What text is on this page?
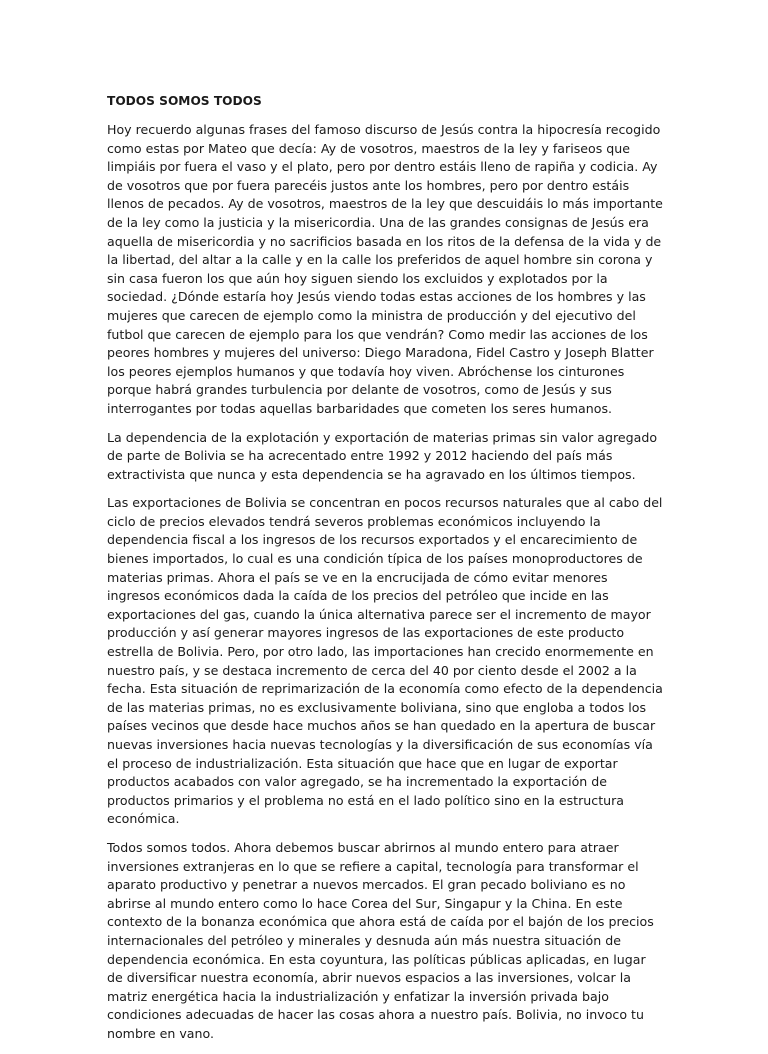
TODOS SOMOS TODOS

Hoy recuerdo algunas frases del famoso discurso de Jesús contra la hipocresía recogido como estas por Mateo que decía: Ay de vosotros, maestros de la ley y fariseos que limpiáis por fuera el vaso y el plato, pero por dentro estáis lleno de rapiña y codicia. Ay de vosotros que por fuera parecéis justos ante los hombres, pero por dentro estáis llenos de pecados. Ay de vosotros, maestros de la ley que descuidáis lo más importante de la ley como la justicia y la misericordia. Una de las grandes consignas de Jesús era aquella de misericordia y no sacrificios basada en los ritos de la defensa de la vida y de la libertad, del altar a la calle y en la calle los preferidos de aquel hombre sin corona y sin casa fueron los que aún hoy siguen siendo los excluidos y explotados por la sociedad. ¿Dónde estaría hoy Jesús viendo todas estas acciones de los hombres y las mujeres que carecen de ejemplo como la ministra de producción y del ejecutivo del futbol que carecen de ejemplo para los que vendrán? Como medir las acciones de los peores hombres y mujeres del universo: Diego Maradona, Fidel Castro y Joseph Blatter los peores ejemplos humanos y que todavía hoy viven. Abróchense los cinturones porque habrá grandes turbulencia por delante de vosotros, como de Jesús y sus interrogantes por todas aquellas barbaridades que cometen los seres humanos.

La dependencia de la explotación y exportación de materias primas sin valor agregado de parte de Bolivia se ha acrecentado entre 1992 y 2012 haciendo del país más extractivista que nunca y esta dependencia se ha agravado en los últimos tiempos.

Las exportaciones de Bolivia se concentran en pocos recursos naturales que al cabo del ciclo de precios elevados tendrá severos problemas económicos incluyendo la dependencia fiscal a los ingresos de los recursos exportados y el encarecimiento de bienes importados, lo cual es una condición típica de los países monoproductores de materias primas. Ahora el país se ve en la encrucijada de cómo evitar menores ingresos económicos dada la caída de los precios del petróleo que incide en las exportaciones del gas, cuando la única alternativa parece ser el incremento de mayor producción y así generar mayores ingresos de las exportaciones de este producto estrella de Bolivia. Pero, por otro lado, las importaciones han crecido enormemente en nuestro país, y se destaca incremento de cerca del 40 por ciento desde el 2002 a la fecha. Esta situación de reprimarización de la economía como efecto de la dependencia de las materias primas, no es exclusivamente boliviana, sino que engloba a todos los países vecinos que desde hace muchos años se han quedado en la apertura de buscar nuevas inversiones hacia nuevas tecnologías y la diversificación de sus economías vía el proceso de industrialización. Esta situación que hace que en lugar de exportar productos acabados con valor agregado, se ha incrementado la exportación de productos primarios y el problema no está en el lado político sino en la estructura económica.

Todos somos todos. Ahora debemos buscar abrirnos al mundo entero para atraer inversiones extranjeras en lo que se refiere a capital, tecnología para transformar el aparato productivo y penetrar a nuevos mercados. El gran pecado boliviano es no abrirse al mundo entero como lo hace Corea del Sur, Singapur y la China. En este contexto de la bonanza económica que ahora está de caída por el bajón de los precios internacionales del petróleo y minerales y desnuda aún más nuestra situación de dependencia económica. En esta coyuntura, las políticas públicas aplicadas, en lugar de diversificar nuestra economía, abrir nuevos espacios a las inversiones, volcar la matriz energética hacia la industrialización y enfatizar la inversión privada bajo condiciones adecuadas de hacer las cosas ahora a nuestro país. Bolivia, no invoco tu nombre en vano.
